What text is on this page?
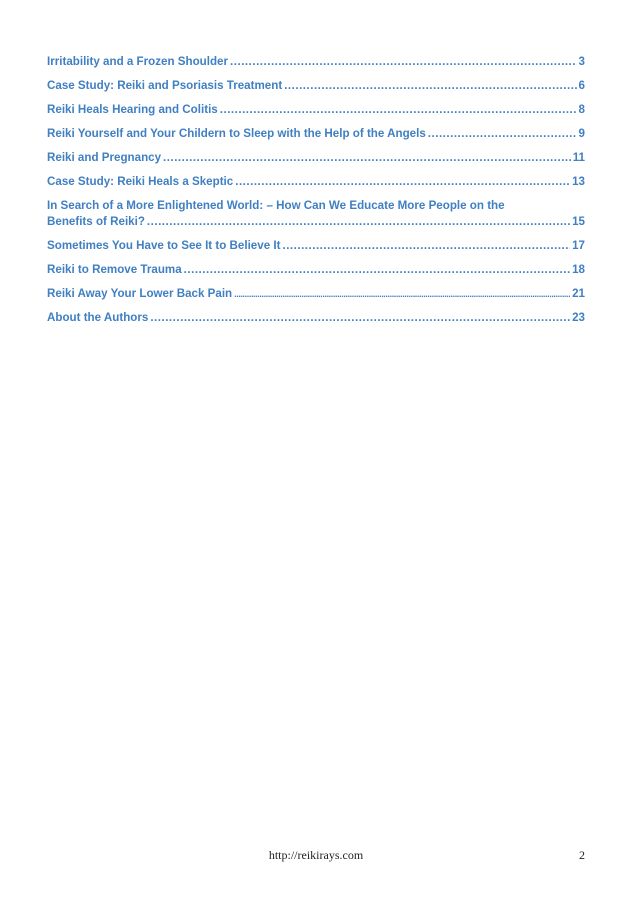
Irritability and a Frozen Shoulder .....	3
Case Study: Reiki and Psoriasis Treatment .....	6
Reiki Heals Hearing and Colitis .....	8
Reiki Yourself and Your Childern to Sleep with the Help of the Angels .....	9
Reiki and Pregnancy .....	11
Case Study: Reiki Heals a Skeptic .....	13
In Search of a More Enlightened World: – How Can We Educate More People on the
Benefits of Reiki? .....	15
Sometimes You Have to See It to Believe It .....	17
Reiki to Remove Trauma .....	18
Reiki Away Your Lower Back Pain .....	21
About the Authors .....	23
http://reikirays.com	2
